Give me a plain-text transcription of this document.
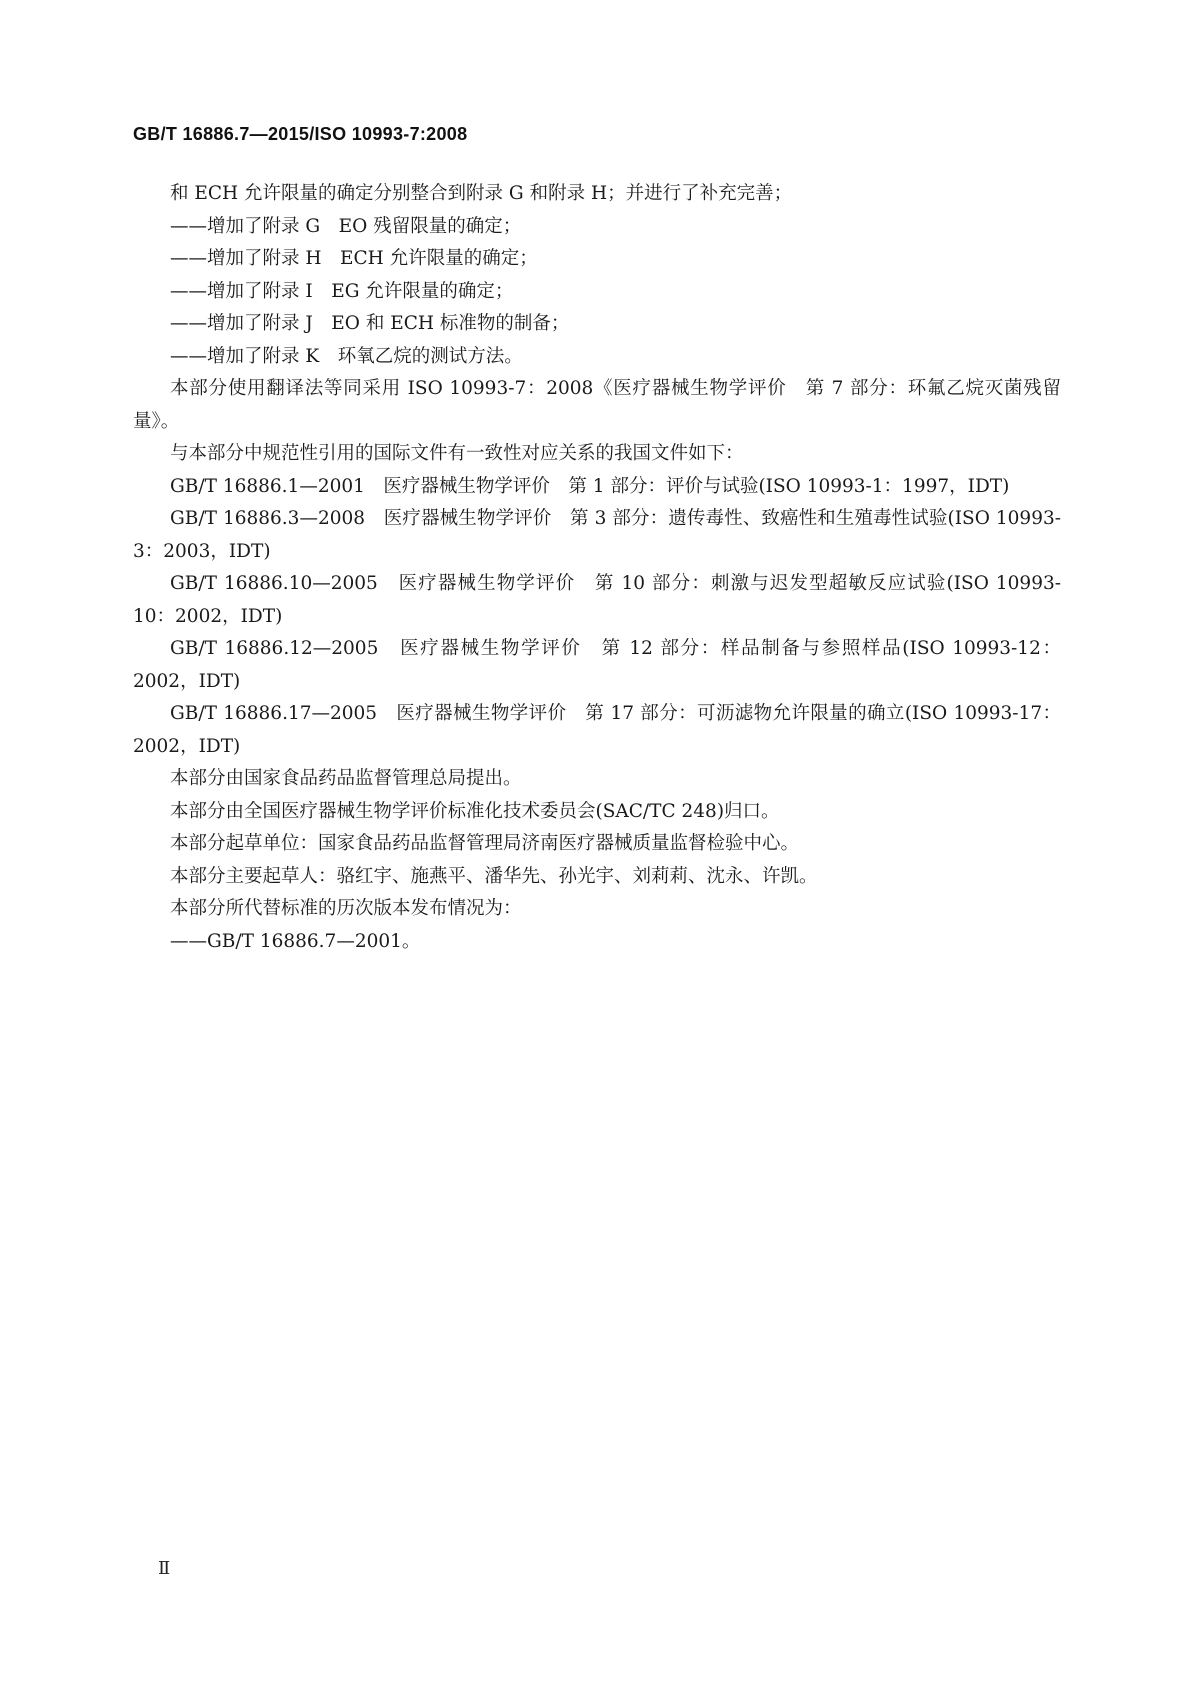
GB/T 16886.7—2015/ISO 10993-7:2008

和 ECH 允许限量的确定分别整合到附录 G 和附录 H；并进行了补充完善；

——增加了附录 G　EO 残留限量的确定；

——增加了附录 H　ECH 允许限量的确定；

——增加了附录 I　EG 允许限量的确定；

——增加了附录 J　EO 和 ECH 标准物的制备；

——增加了附录 K　环氧乙烷的测试方法。

本部分使用翻译法等同采用 ISO 10993-7：2008《医疗器械生物学评价　第 7 部分：环氟乙烷灭菌残留量》。

与本部分中规范性引用的国际文件有一致性对应关系的我国文件如下：

GB/T 16886.1—2001　医疗器械生物学评价　第 1 部分：评价与试验(ISO 10993-1：1997，IDT)

GB/T 16886.3—2008　医疗器械生物学评价　第 3 部分：遗传毒性、致癌性和生殖毒性试验(ISO 10993-3：2003，IDT)

GB/T 16886.10—2005　医疗器械生物学评价　第 10 部分：刺激与迟发型超敏反应试验(ISO 10993-10：2002，IDT)

GB/T 16886.12—2005　医疗器械生物学评价　第 12 部分：样品制备与参照样品(ISO 10993-12：2002，IDT)

GB/T 16886.17—2005　医疗器械生物学评价　第 17 部分：可沥滤物允许限量的确立(ISO 10993-17：2002，IDT)

本部分由国家食品药品监督管理总局提出。

本部分由全国医疗器械生物学评价标准化技术委员会(SAC/TC 248)归口。

本部分起草单位：国家食品药品监督管理局济南医疗器械质量监督检验中心。

本部分主要起草人：骆红宇、施燕平、潘华先、孙光宇、刘莉莉、沈永、许凯。

本部分所代替标准的历次版本发布情况为：

——GB/T 16886.7—2001。

Ⅱ
